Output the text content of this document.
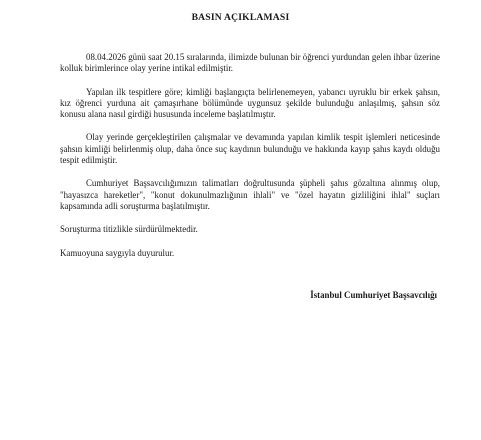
BASIN AÇIKLAMASI

08.04.2026 günü saat 20.15 sıralarında, ilimizde bulunan bir öğrenci yurdundan gelen ihbar üzerine kolluk birimlerince olay yerine intikal edilmiştir.

Yapılan ilk tespitlere göre; kimliği başlangıçta belirlenemeyen, yabancı uyruklu bir erkek şahsın, kız öğrenci yurduna ait çamaşırhane bölümünde uygunsuz şekilde bulunduğu anlaşılmış, şahsın söz konusu alana nasıl girdiği hususunda inceleme başlatılmıştır.

Olay yerinde gerçekleştirilen çalışmalar ve devamında yapılan kimlik tespit işlemleri neticesinde şahsın kimliği belirlenmiş olup, daha önce suç kaydının bulunduğu ve hakkında kayıp şahıs kaydı olduğu tespit edilmiştir.

Cumhuriyet Başsavcılığımızın talimatları doğrultusunda şüpheli şahıs gözaltına alınmış olup, "hayasızca hareketler", "konut dokunulmazlığının ihlali" ve "özel hayatın gizliliğini ihlal" suçları kapsamında adli soruşturma başlatılmıştır.

Soruşturma titizlikle sürdürülmektedir.

Kamuoyuna saygıyla duyurulur.

İstanbul Cumhuriyet Başsavcılığı
